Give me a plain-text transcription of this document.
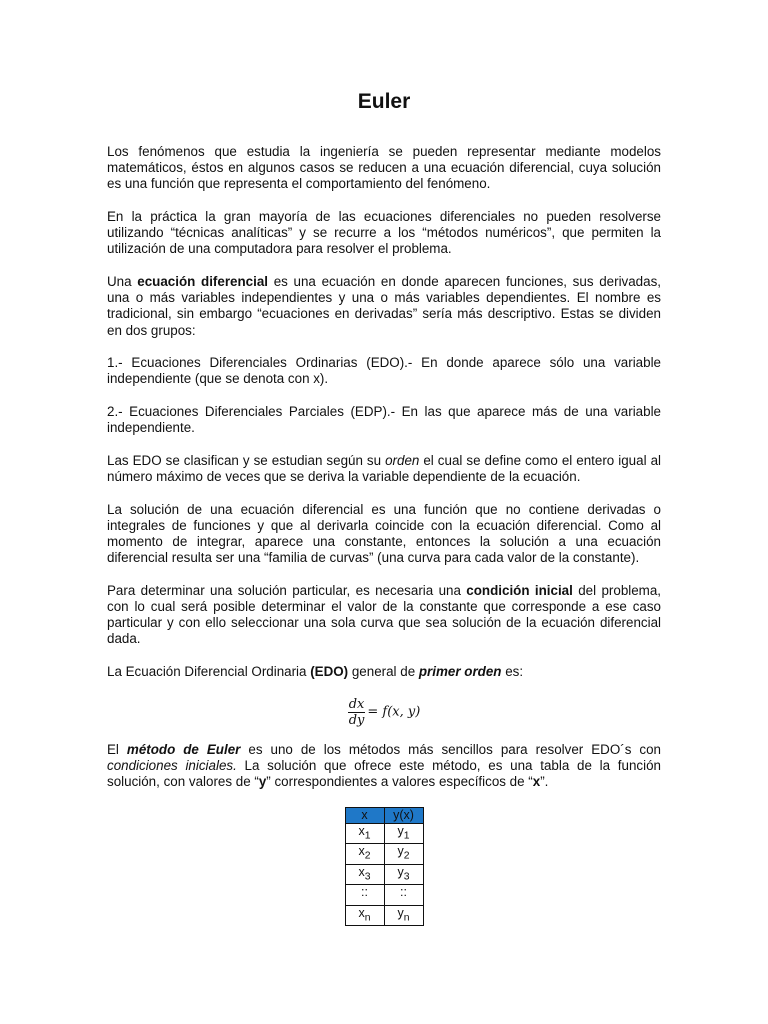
Euler

Los fenómenos que estudia la ingeniería se pueden representar mediante modelos matemáticos, éstos en algunos casos se reducen a una ecuación diferencial, cuya solución es una función que representa el comportamiento del fenómeno.

En la práctica la gran mayoría de las ecuaciones diferenciales no pueden resolverse utilizando “técnicas analíticas” y se recurre a los “métodos numéricos”, que permiten la utilización de una computadora para resolver el problema.

Una ecuación diferencial es una ecuación en donde aparecen funciones, sus derivadas, una o más variables independientes y una o más variables dependientes. El nombre es tradicional, sin embargo “ecuaciones en derivadas” sería más descriptivo. Estas se dividen en dos grupos:

1.- Ecuaciones Diferenciales Ordinarias (EDO).- En donde aparece sólo una variable independiente (que se denota con x).

2.- Ecuaciones Diferenciales Parciales (EDP).- En las que aparece más de una variable independiente.

Las EDO se clasifican y se estudian según su orden el cual se define como el entero igual al número máximo de veces que se deriva la variable dependiente de la ecuación.

La solución de una ecuación diferencial es una función que no contiene derivadas o integrales de funciones y que al derivarla coincide con la ecuación diferencial. Como al momento de integrar, aparece una constante, entonces la solución a una ecuación diferencial resulta ser una “familia de curvas” (una curva para cada valor de la constante).

Para determinar una solución particular, es necesaria una condición inicial del problema, con lo cual será posible determinar el valor de la constante que corresponde a ese caso particular y con ello seleccionar una sola curva que sea solución de la ecuación diferencial dada.

La Ecuación Diferencial Ordinaria (EDO) general de primer orden es:

$\frac{dx}{dy} = f(x$, y)

El método de Euler es uno de los métodos más sencillos para resolver EDO´s con condiciones iniciales. La solución que ofrece este método, es una tabla de la función solución, con valores de “y” correspondientes a valores específicos de “x”.

x	y(x)
$x_1$	$y_1$
$x_2$	$y_2$
$x_3$	$y_3$
::	::
$x_n$	$y_n$
